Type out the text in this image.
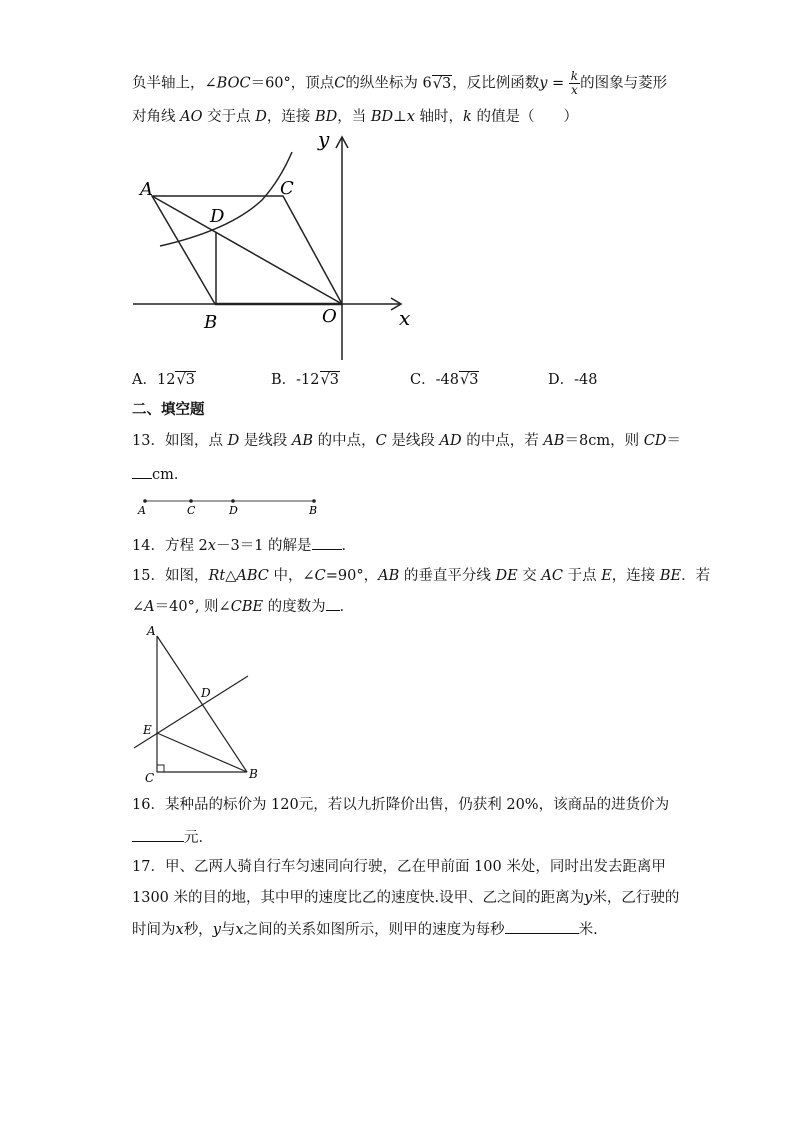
负半轴上，∠BOC＝60°，顶点C的纵坐标为 6√3，反比例函数$y = \frac{k}{x}$ 的图象与菱形
对角线 AO 交于点 D，连接 BD，当 BD⊥x 轴时，k 的值是（　　）
y
x
A	C
D
B	O
A．12√3	B．-12√3	C．-48√3	D．-48
二、填空题
13．如图，点 D 是线段 AB 的中点，C 是线段 AD 的中点，若 AB＝8cm，则 CD＝
cm．
A	C	D	B
14．方程 2x－3＝1 的解是 ．
15．如图，Rt△ABC 中，∠C=90°，AB 的垂直平分线 DE 交 AC 于点 E，连接 BE．若
∠A＝40°, 则∠CBE 的度数为 ．
A
D
E
C	B
16．某种品的标价为 120元，若以九折降价出售，仍获利 20%，该商品的进货价为
元．
17．甲、乙两人骑自行车匀速同向行驶，乙在甲前面 100 米处，同时出发去距离甲
1300 米的目的地，其中甲的速度比乙的速度快.设甲、乙之间的距离为y米，乙行驶的
时间为x秒，y与x之间的关系如图所示，则甲的速度为每秒	米.
